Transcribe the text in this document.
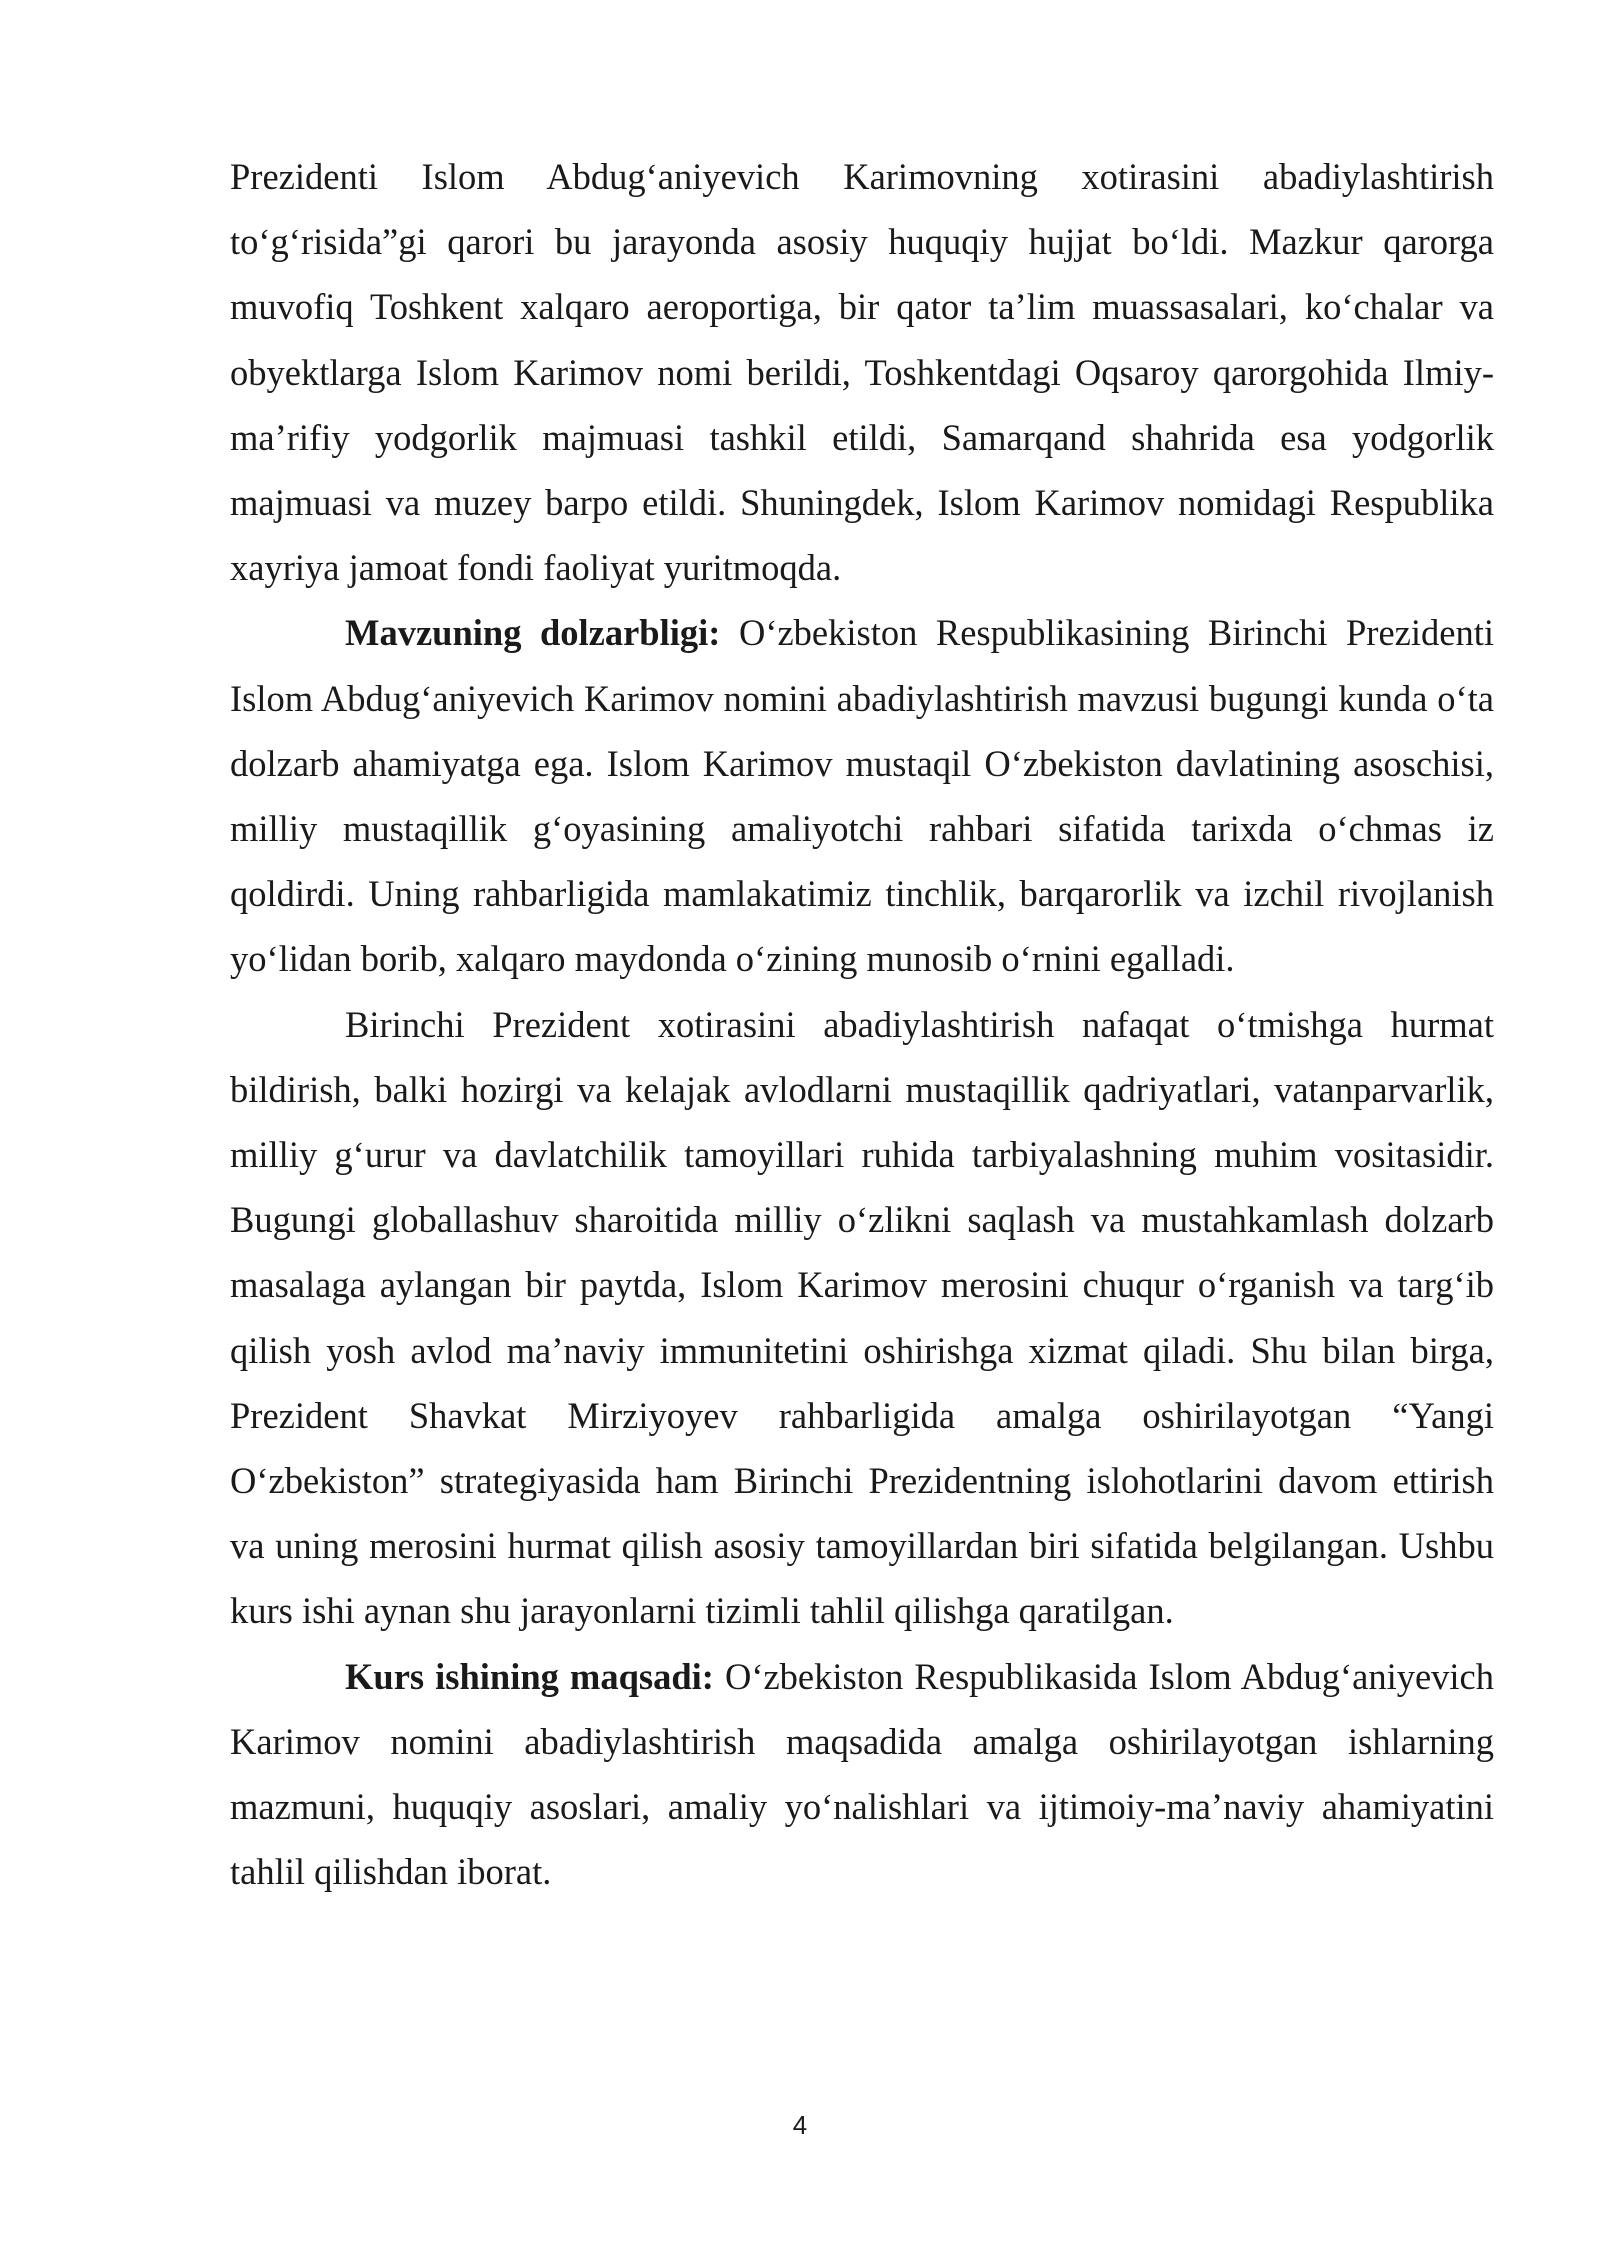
Prezidenti Islom Abdug‘aniyevich Karimovning xotirasini abadiylashtirish to‘g‘risida”gi qarori bu jarayonda asosiy huquqiy hujjat bo‘ldi. Mazkur qarorga muvofiq Toshkent xalqaro aeroportiga, bir qator ta’lim muassasalari, ko‘chalar va obyektlarga Islom Karimov nomi berildi, Toshkentdagi Oqsaroy qarorgohida Ilmiy-ma’rifiy yodgorlik majmuasi tashkil etildi, Samarqand shahrida esa yodgorlik majmuasi va muzey barpo etildi. Shuningdek, Islom Karimov nomidagi Respublika xayriya jamoat fondi faoliyat yuritmoqda.

Mavzuning dolzarbligi: O‘zbekiston Respublikasining Birinchi Prezidenti Islom Abdug‘aniyevich Karimov nomini abadiylashtirish mavzusi bugungi kunda o‘ta dolzarb ahamiyatga ega. Islom Karimov mustaqil O‘zbekiston davlatining asoschisi, milliy mustaqillik g‘oyasining amaliyotchi rahbari sifatida tarixda o‘chmas iz qoldirdi. Uning rahbarligida mamlakatimiz tinchlik, barqarorlik va izchil rivojlanish yo‘lidan borib, xalqaro maydonda o‘zining munosib o‘rnini egalladi.

Birinchi Prezident xotirasini abadiylashtirish nafaqat o‘tmishga hurmat bildirish, balki hozirgi va kelajak avlodlarni mustaqillik qadriyatlari, vatanparvarlik, milliy g‘urur va davlatchilik tamoyillari ruhida tarbiyalashning muhim vositasidir. Bugungi globallashuv sharoitida milliy o‘zlikni saqlash va mustahkamlash dolzarb masalaga aylangan bir paytda, Islom Karimov merosini chuqur o‘rganish va targ‘ib qilish yosh avlod ma’naviy immunitetini oshirishga xizmat qiladi. Shu bilan birga, Prezident Shavkat Mirziyoyev rahbarligida amalga oshirilayotgan “Yangi O‘zbekiston” strategiyasida ham Birinchi Prezidentning islohotlarini davom ettirish va uning merosini hurmat qilish asosiy tamoyillardan biri sifatida belgilangan. Ushbu kurs ishi aynan shu jarayonlarni tizimli tahlil qilishga qaratilgan.

Kurs ishining maqsadi: O‘zbekiston Respublikasida Islom Abdug‘aniyevich Karimov nomini abadiylashtirish maqsadida amalga oshirilayotgan ishlarning mazmuni, huquqiy asoslari, amaliy yo‘nalishlari va ijtimoiy-ma’naviy ahamiyatini tahlil qilishdan iborat.

4
